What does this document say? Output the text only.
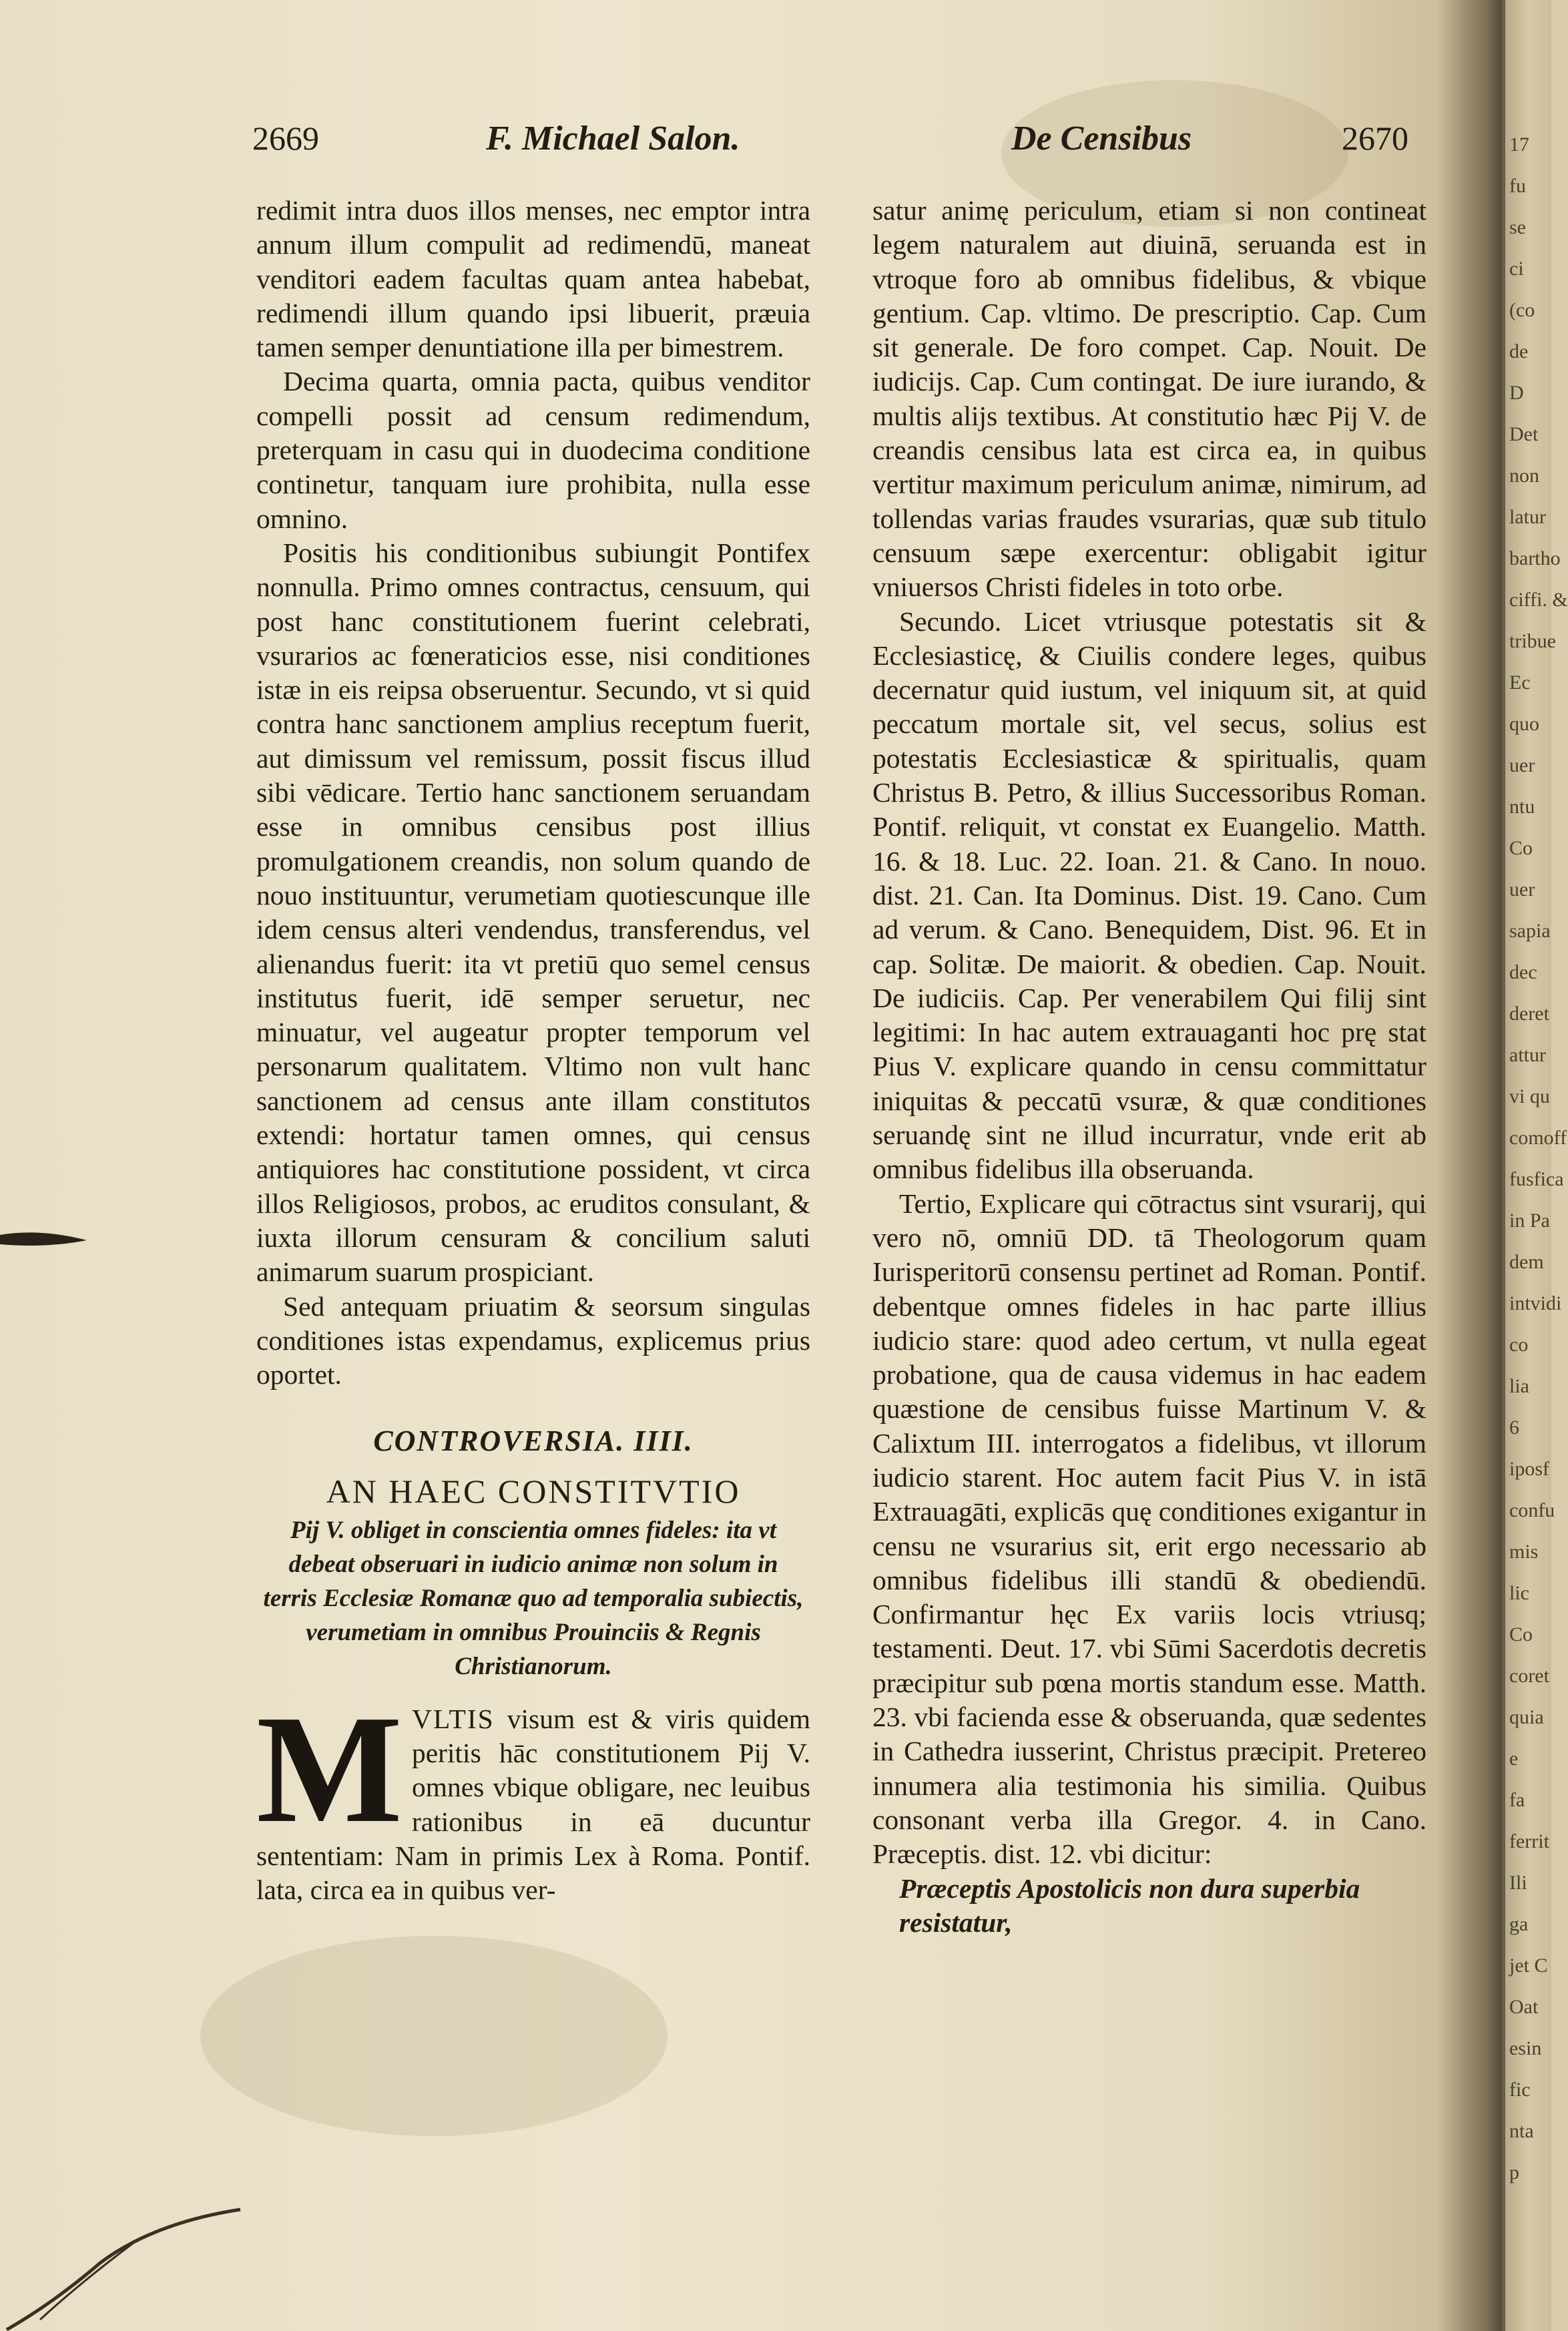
2669	F. Michael Salon.	De Censibus	2670

redimit intra duos illos menses, nec emptor intra annum illum compulit ad redimendū, maneat venditori eadem facultas quam antea habebat, redimendi illum quando ipsi libuerit, præuia tamen semper denuntiatione illa per bimestrem.

Decima quarta, omnia pacta, quibus venditor compelli possit ad censum redimendum, preterquam in casu qui in duodecima conditione continetur, tanquam iure prohibita, nulla esse omnino.

Positis his conditionibus subiungit Pontifex nonnulla. Primo omnes contractus, censuum, qui post hanc constitutionem fuerint celebrati, vsurarios ac fœneraticios esse, nisi conditiones istæ in eis reipsa obseruentur. Secundo, vt si quid contra hanc sanctionem amplius receptum fuerit, aut dimissum vel remissum, possit fiscus illud sibi vēdicare. Tertio hanc sanctionem seruandam esse in omnibus censibus post illius promulgationem creandis, non solum quando de nouo instituuntur, verumetiam quotiescunque ille idem census alteri vendendus, transferendus, vel alienandus fuerit: ita vt pretiū quo semel census institutus fuerit, idē semper seruetur, nec minuatur, vel augeatur propter temporum vel personarum qualitatem. Vltimo non vult hanc sanctionem ad census ante illam constitutos extendi: hortatur tamen omnes, qui census antiquiores hac constitutione possident, vt circa illos Religiosos, probos, ac eruditos consulant, & iuxta illorum censuram & concilium saluti animarum suarum prospiciant.

Sed antequam priuatim & seorsum singulas conditiones istas expendamus, explicemus prius oportet.

CONTROVERSIA. IIII.
AN HAEC CONSTITVTIO
Pij V. obliget in conscientia omnes fideles: ita vt debeat obseruari in iudicio animæ non solum in terris Ecclesiæ Romanæ quo ad temporalia subiectis, verumetiam in omnibus Prouinciis & Regnis Christianorum.
M VLTIS visum est & viris quidem peritis hāc constitutionem Pij V. omnes vbique obligare, nec leuibus rationibus in eā ducuntur sententiam: Nam in primis Lex à Roma. Pontif. lata, circa ea in quibus ver-

satur animę periculum, etiam si non contineat legem naturalem aut diuinā, seruanda est in vtroque foro ab omnibus fidelibus, & vbique gentium. Cap. vltimo. De prescriptio. Cap. Cum sit generale. De foro compet. Cap. Nouit. De iudicijs. Cap. Cum contingat. De iure iurando, & multis alijs textibus. At constitutio hæc Pij V. de creandis censibus lata est circa ea, in quibus vertitur maximum periculum animæ, nimirum, ad tollendas varias fraudes vsurarias, quæ sub titulo censuum sæpe exercentur: obligabit igitur vniuersos Christi fideles in toto orbe.

Secundo. Licet vtriusque potestatis sit & Ecclesiasticę, & Ciuilis condere leges, quibus decernatur quid iustum, vel iniquum sit, at quid peccatum mortale sit, vel secus, solius est potestatis Ecclesiasticæ & spiritualis, quam Christus B. Petro, & illius Successoribus Roman. Pontif. reliquit, vt constat ex Euangelio. Matth. 16. & 18. Luc. 22. Ioan. 21. & Cano. In nouo. dist. 21. Can. Ita Dominus. Dist. 19. Cano. Cum ad verum. & Cano. Benequidem, Dist. 96. Et in cap. Solitæ. De maiorit. & obedien. Cap. Nouit. De iudiciis. Cap. Per venerabilem Qui filij sint legitimi: In hac autem extrauaganti hoc prę stat Pius V. explicare quando in censu committatur iniquitas & peccatū vsuræ, & quæ conditiones seruandę sint ne illud incurratur, vnde erit ab omnibus fidelibus illa obseruanda.

Tertio, Explicare qui cōtractus sint vsurarij, qui vero nō, omniū DD. tā Theologorum quam Iurisperitorū consensu pertinet ad Roman. Pontif. debentque omnes fideles in hac parte illius iudicio stare: quod adeo certum, vt nulla egeat probatione, qua de causa videmus in hac eadem quæstione de censibus fuisse Martinum V. & Calixtum III. interrogatos a fidelibus, vt illorum iudicio starent. Hoc autem facit Pius V. in istā Extrauagāti, explicās quę conditiones exigantur in censu ne vsurarius sit, erit ergo necessario ab omnibus fidelibus illi standū & obediendū. Confirmantur hęc Ex variis locis vtriusq; testamenti. Deut. 17. vbi Sūmi Sacerdotis decretis præcipitur sub pœna mortis standum esse. Matth. 23. vbi facienda esse & obseruanda, quæ sedentes in Cathedra iusserint, Christus præcipit. Pretereo innumera alia testimonia his similia. Quibus consonant verba illa Gregor. 4. in Cano. Præceptis. dist. 12. vbi dicitur:

Præceptis Apostolicis non dura superbia resistatur,

17
fu
se
ci
(co
de
D
Det
non
latur
bartho
ciffi. &
tribue
Ec
quo
uer
ntu
Co
uer
sapia
dec
deret
attur
vi qu
comoff
fusfica
in Pa
dem
intvidi
co
lia
6
iposf
confu
mis
lic
Co
coret
quia
e
fa
ferrit
Ili
ga
jet C
Oat
esin
fic
nta
p
